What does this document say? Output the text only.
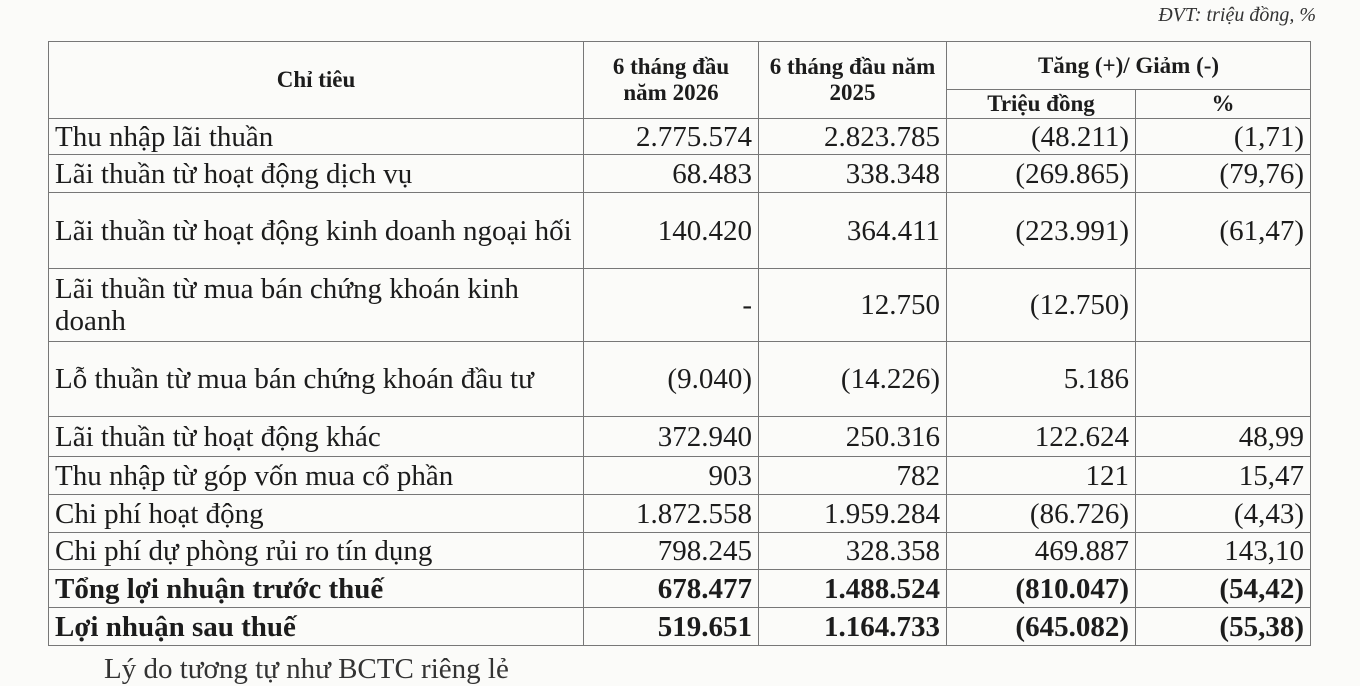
ĐVT: triệu đồng, %
Chỉ tiêu	6 tháng đầu năm 2026	6 tháng đầu năm 2025	Tăng (+)/ Giảm (-)	
			Triệu đồng	%
Thu nhập lãi thuần	2.775.574	2.823.785	(48.211)	(1,71)
Lãi thuần từ hoạt động dịch vụ	68.483	338.348	(269.865)	(79,76)
Lãi thuần từ hoạt động kinh doanh ngoại hối	140.420	364.411	(223.991)	(61,47)
Lãi thuần từ mua bán chứng khoán kinh doanh	-	12.750	(12.750)	
Lỗ thuần từ mua bán chứng khoán đầu tư	(9.040)	(14.226)	5.186	
Lãi thuần từ hoạt động khác	372.940	250.316	122.624	48,99
Thu nhập từ góp vốn mua cổ phần	903	782	121	15,47
Chi phí hoạt động	1.872.558	1.959.284	(86.726)	(4,43)
Chi phí dự phòng rủi ro tín dụng	798.245	328.358	469.887	143,10
Tổng lợi nhuận trước thuế	678.477	1.488.524	(810.047)	(54,42)
Lợi nhuận sau thuế	519.651	1.164.733	(645.082)	(55,38)
Lý do tương tự như BCTC riêng lẻ
